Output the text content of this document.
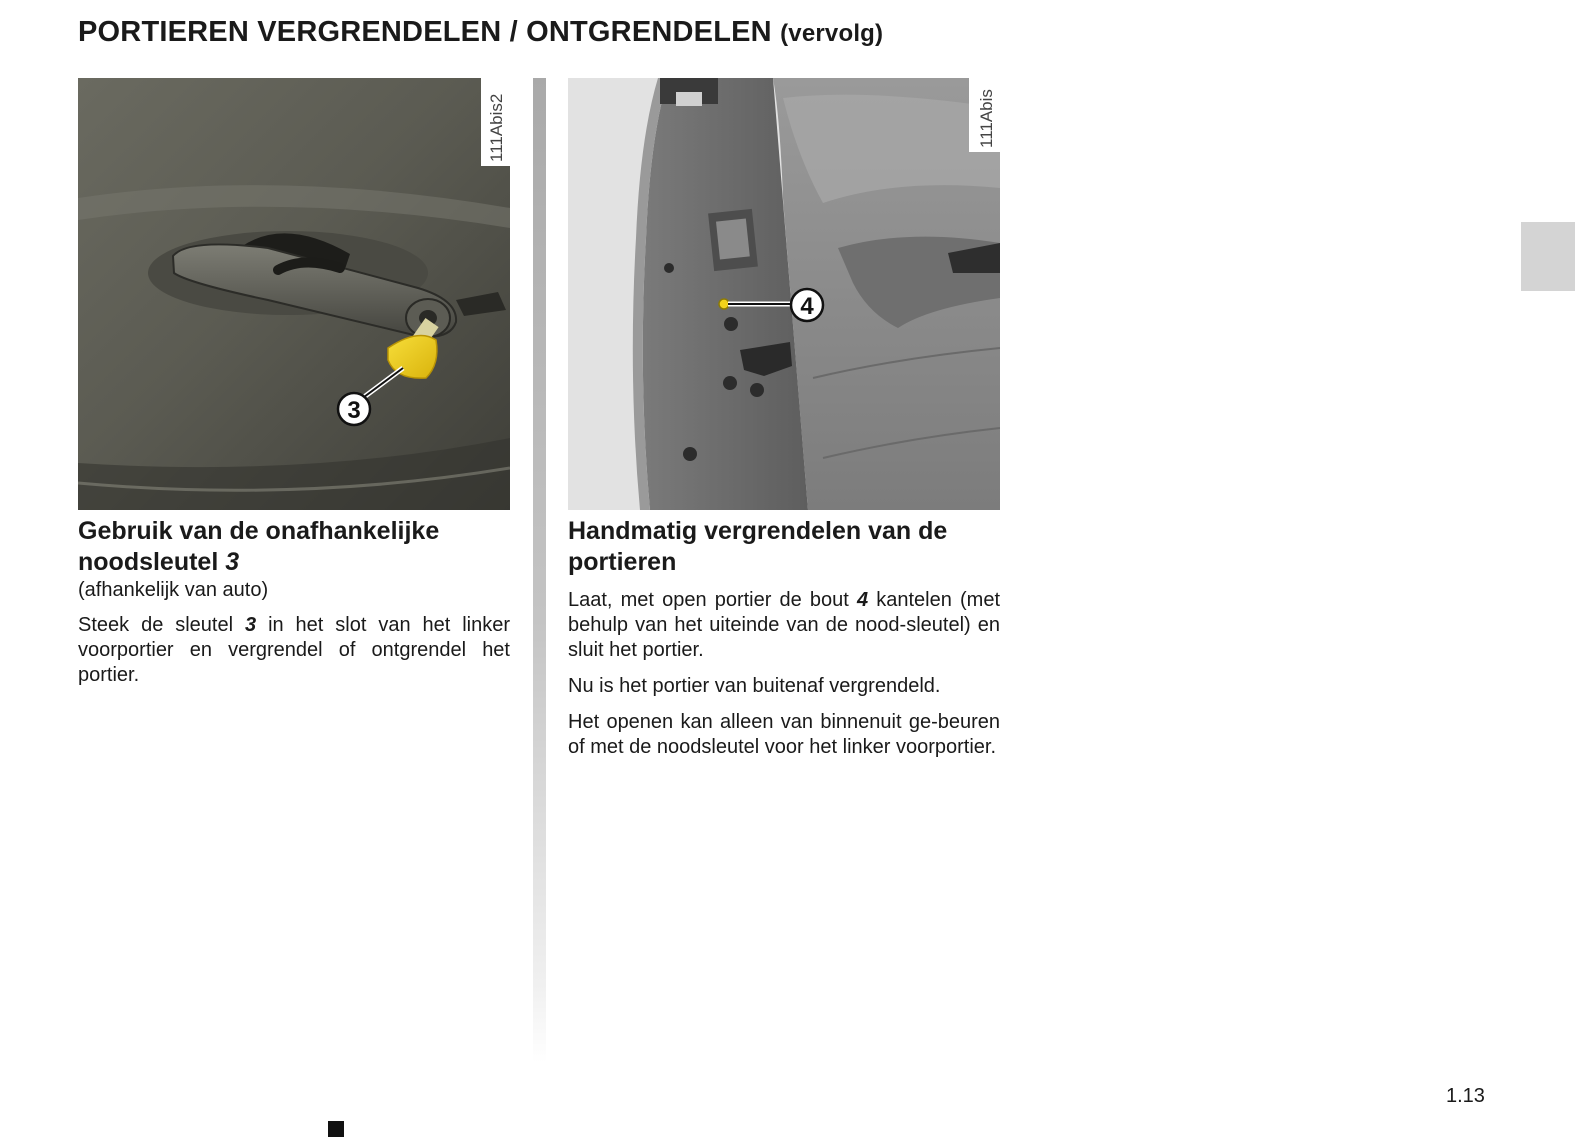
PORTIEREN VERGRENDELEN / ONTGRENDELEN (vervolg)
3
111Abis2
4
111Abis
Gebruik van de onafhankelijke noodsleutel 3

(afhankelijk van auto)

Steek de sleutel 3 in het slot van het linker voorportier en vergrendel of ontgrendel het portier.

Handmatig vergrendelen van de portieren

Laat, met open portier de bout 4 kantelen (met behulp van het uiteinde van de nood-sleutel) en sluit het portier.

Nu is het portier van buitenaf vergrendeld.

Het openen kan alleen van binnenuit ge-beuren of met de noodsleutel voor het linker voorportier.

1.13
